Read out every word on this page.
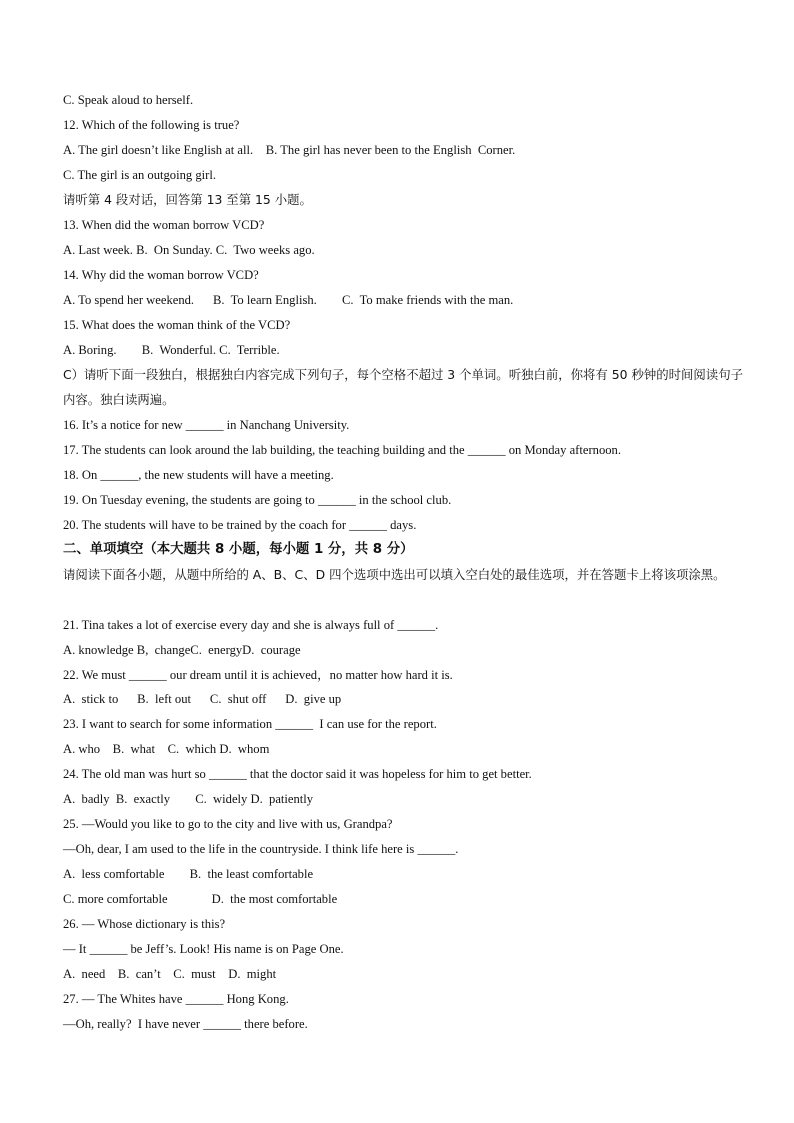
C. Speak aloud to herself.
12. Which of the following is true?
A. The girl doesn’t like English at all.    B. The girl has never been to the English  Corner.
C. The girl is an outgoing girl.
请听第 4 段对话，回答第 13 至第 15 小题。
13. When did the woman borrow VCD?
A. Last week. B.  On Sunday. C.  Two weeks ago.
14. Why did the woman borrow VCD?
A. To spend her weekend.      B.  To learn English.        C.  To make friends with the man.
15. What does the woman think of the VCD?
A. Boring.        B.  Wonderful. C.  Terrible.
C）请听下面一段独白，根据独白内容完成下列句子，每个空格不超过 3 个单词。听独白前，你将有 50 秒钟的时间阅读句子内容。独白读两遍。
16. It’s a notice for new ______ in Nanchang University.
17. The students can look around the lab building, the teaching building and the ______ on Monday afternoon.
18. On ______, the new students will have a meeting.
19. On Tuesday evening, the students are going to ______ in the school club.
20. The students will have to be trained by the coach for ______ days.
二、单项填空（本大题共 8 小题，每小题 1 分，共 8 分）
请阅读下面各小题，从题中所给的 A、B、C、D 四个选项中选出可以填入空白处的最佳选项，并在答题卡上将该项涂黑。
21. Tina takes a lot of exercise every day and she is always full of ______.
A. knowledge B,  changeC.  energyD.  courage
22. We must ______ our dream until it is achieved，no matter how hard it is.
A.  stick to      B.  left out      C.  shut off      D.  give up
23. I want to search for some information ______  I can use for the report.
A. who    B.  what    C.  which D.  whom
24. The old man was hurt so ______ that the doctor said it was hopeless for him to get better.
A.  badly  B.  exactly        C.  widely D.  patiently
25. —Would you like to go to the city and live with us, Grandpa?
—Oh, dear, I am used to the life in the countryside. I think life here is ______.
A.  less comfortable        B.  the least comfortable
C. more comfortable              D.  the most comfortable
26. — Whose dictionary is this?
— It ______ be Jeff’s. Look! His name is on Page One.
A.  need    B.  can’t    C.  must    D.  might
27. — The Whites have ______ Hong Kong.
—Oh, really?  I have never ______ there before.
